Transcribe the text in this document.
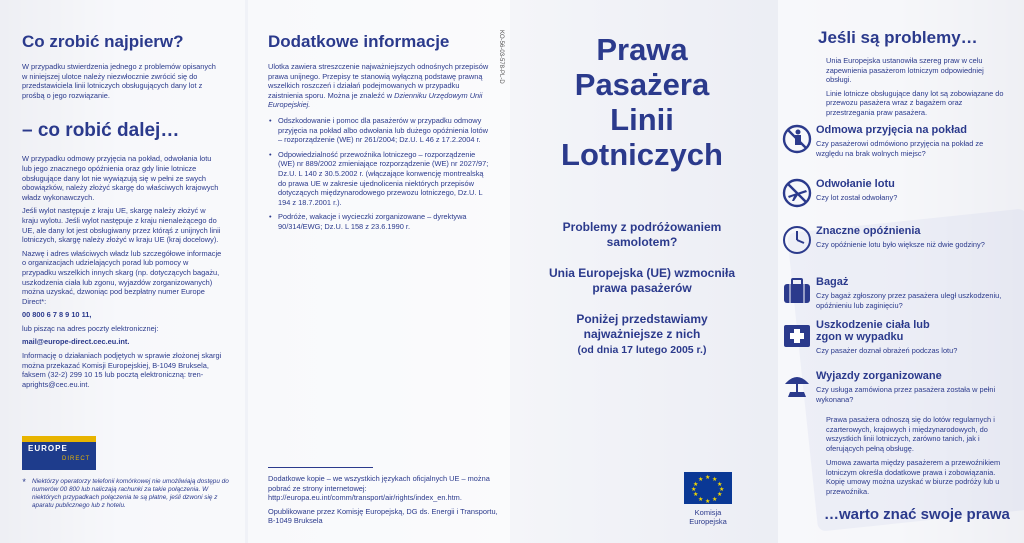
Co zrobić najpierw?

W przypadku stwierdzenia jednego z problemów opisanych w niniejszej ulotce należy niezwłocznie zwrócić się do przedstawiciela linii lotniczych obsługujących dany lot z prośbą o jego rozwiązanie.

– co robić dalej…

W przypadku odmowy przyjęcia na pokład, odwołania lotu lub jego znacznego opóźnienia oraz gdy linie lotnicze obsługujące dany lot nie wywiązują się w pełni ze swych obowiązków, należy złożyć skargę do właściwych krajowych władz wykonawczych.

Jeśli wylot następuje z kraju UE, skargę należy złożyć w kraju wylotu. Jeśli wylot następuje z kraju nienależącego do UE, ale dany lot jest obsługiwany przez którąś z unijnych linii lotniczych, skargę należy złożyć w kraju UE (kraj docelowy).

Nazwę i adres właściwych władz lub szczegółowe informacje o organizacjach udzielających porad lub pomocy w przypadku wszelkich innych skarg (np. dotyczących bagażu, uszkodzenia ciała lub zgonu, wyjazdów zorganizowanych) można uzyskać, dzwoniąc pod bezpłatny numer Europe Direct*:

00 800 6 7 8 9 10 11,

lub pisząc na adres poczty elektronicznej:

mail@europe-direct.cec.eu.int.

Informację o działaniach podjętych w sprawie złożonej skargi można przekazać Komisji Europejskiej, B-1049 Bruksela, faksem (32-2) 299 10 15 lub pocztą elektroniczną: tren-aprights@cec.eu.int.

EUROPE
DIRECT
* Niektórzy operatorzy telefonii komórkowej nie umożliwiają dostępu do numerów 00 800 lub naliczają rachunki za takie połączenia. W niektórych przypadkach połączenia te są płatne, jeśli dzwoni się z aparatu publicznego lub z hotelu.
Dodatkowe informacje

Ulotka zawiera streszczenie najważniejszych odnośnych przepisów prawa unijnego. Przepisy te stanowią wyłączną podstawę prawną wszelkich roszczeń i działań podejmowanych w przypadku zaistnienia sporu. Można je znaleźć w Dzienniku Urzędowym Unii Europejskiej.

• Odszkodowanie i pomoc dla pasażerów w przypadku odmowy przyjęcia na pokład albo odwołania lub dużego opóźnienia lotów – rozporządzenie (WE) nr 261/2004; Dz.U. L 46 z 17.2.2004 r.
• Odpowiedzialność przewoźnika lotniczego – rozporządzenie (WE) nr 889/2002 zmieniające rozporządzenie (WE) nr 2027/97; Dz.U. L 140 z 30.5.2002 r. (włączające konwencję montrealską do prawa UE w zakresie ujednolicenia niektórych przepisów dotyczących międzynarodowego przewozu lotniczego, Dz.U. L 194 z 18.7.2001 r.).
• Podróże, wakacje i wycieczki zorganizowane – dyrektywa 90/314/EWG; Dz.U. L 158 z 23.6.1990 r.

Dodatkowe kopie – we wszystkich językach oficjalnych UE – można pobrać ze strony internetowej:

http://europa.eu.int/comm/transport/air/rights/index_en.htm.

Opublikowane przez Komisję Europejską, DG ds. Energii i Transportu, B-1049 Bruksela

KO-56-03-578-PL-D	Prawa
Pasażera
Linii
Lotniczych
Problemy z podróżowaniem samolotem?
Unia Europejska (UE) wzmocniła prawa pasażerów
Poniżej przedstawiamy najważniejsze z nich
(od dnia 17 lutego 2005 r.)
★ ★
★
★
★
★
★
★
★
★
★
★
Komisja
Europejska
Jeśli są problemy…

Unia Europejska ustanowiła szereg praw w celu zapewnienia pasażerom lotniczym odpowiedniej obsługi.

Linie lotnicze obsługujące dany lot są zobowiązane do przewozu pasażera wraz z bagażem oraz przestrzegania praw pasażera.

Odmowa przyjęcia na pokład

Czy pasażerowi odmówiono przyjęcia na pokład ze względu na brak wolnych miejsc?

Odwołanie lotu

Czy lot został odwołany?

Znaczne opóźnienia

Czy opóźnienie lotu było większe niż dwie godziny?

Bagaż

Czy bagaż zgłoszony przez pasażera uległ uszkodzeniu, opóźnieniu lub zaginięciu?

Uszkodzenie ciała lub zgon w wypadku

Czy pasażer doznał obrażeń podczas lotu?

Wyjazdy zorganizowane

Czy usługa zamówiona przez pasażera została w pełni wykonana?

Prawa pasażera odnoszą się do lotów regularnych i czarterowych, krajowych i międzynarodowych, do wszystkich linii lotniczych, zarówno tanich, jak i oferujących pełną obsługę.

Umowa zawarta między pasażerem a przewoźnikiem lotniczym określa dodatkowe prawa i zobowiązania. Kopię umowy można uzyskać w biurze podróży lub u przewoźnika.

…warto znać swoje prawa
